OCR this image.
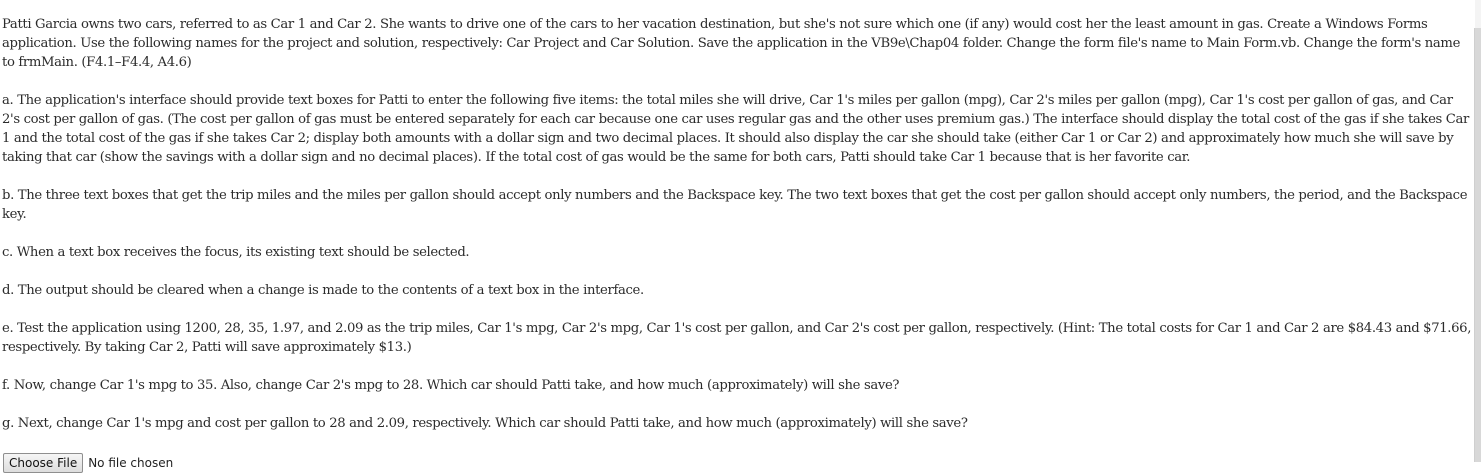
Patti Garcia owns two cars, referred to as Car 1 and Car 2. She wants to drive one of the cars to her vacation destination, but she's not sure which one (if any) would cost her the least amount in gas. Create a Windows Forms application. Use the following names for the project and solution, respectively: Car Project and Car Solution. Save the application in the VB9e\Chap04 folder. Change the form file's name to Main Form.vb. Change the form's name to frmMain. (F4.1–F4.4, A4.6)

a. The application's interface should provide text boxes for Patti to enter the following five items: the total miles she will drive, Car 1's miles per gallon (mpg), Car 2's miles per gallon (mpg), Car 1's cost per gallon of gas, and Car 2's cost per gallon of gas. (The cost per gallon of gas must be entered separately for each car because one car uses regular gas and the other uses premium gas.) The interface should display the total cost of the gas if she takes Car 1 and the total cost of the gas if she takes Car 2; display both amounts with a dollar sign and two decimal places. It should also display the car she should take (either Car 1 or Car 2) and approximately how much she will save by taking that car (show the savings with a dollar sign and no decimal places). If the total cost of gas would be the same for both cars, Patti should take Car 1 because that is her favorite car.

b. The three text boxes that get the trip miles and the miles per gallon should accept only numbers and the Backspace key. The two text boxes that get the cost per gallon should accept only numbers, the period, and the Backspace key.

c. When a text box receives the focus, its existing text should be selected.

d. The output should be cleared when a change is made to the contents of a text box in the interface.

e. Test the application using 1200, 28, 35, 1.97, and 2.09 as the trip miles, Car 1's mpg, Car 2's mpg, Car 1's cost per gallon, and Car 2's cost per gallon, respectively. (Hint: The total costs for Car 1 and Car 2 are $84.43 and $71.66, respectively. By taking Car 2, Patti will save approximately $13.)

f. Now, change Car 1's mpg to 35. Also, change Car 2's mpg to 28. Which car should Patti take, and how much (approximately) will she save?

g. Next, change Car 1's mpg and cost per gallon to 28 and 2.09, respectively. Which car should Patti take, and how much (approximately) will she save?

Choose File No file chosen
